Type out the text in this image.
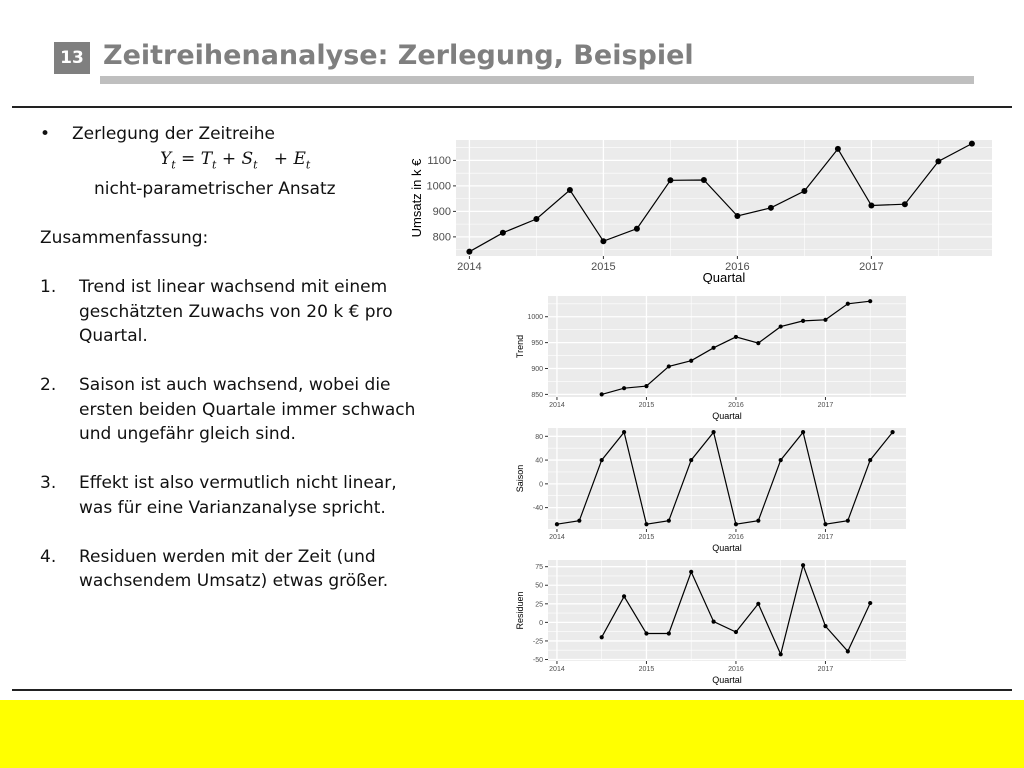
13 Zeitreihenanalyse: Zerlegung, Beispiel
•	Zerlegung der Zeitreihe
$Y_t = T_t + S_t + E_t$
nicht-parametrischer Ansatz
Zusammenfassung:
1.	Trend ist linear wachsend mit einem geschätzten Zuwachs von 20 k € pro Quartal.
2.	Saison ist auch wachsend, wobei die ersten beiden Quartale immer schwach und ungefähr gleich sind.
3.	Effekt ist also vermutlich nicht linear, was für eine Varianzanalyse spricht.
4.	Residuen werden mit der Zeit (und wachsendem Umsatz) etwas größer.
2014	2015	2016	2017
800
900
1000
1100
Quartal
Umsatz in k €
2014	2015	2016	2017
850
900
950
1000
Quartal
Trend
2014	2015	2016	2017
-40
0
40
80
Quartal
Saison
2014	2015	2016	2017
-50
-25
0
25
50
75
Quartal
Residuen
